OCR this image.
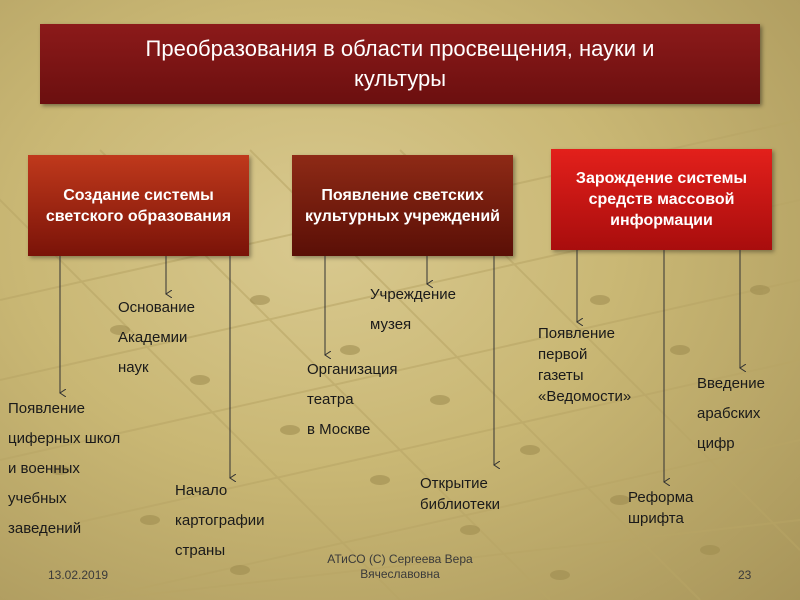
Преобразования в области просвещения, науки и культуры
Создание системы светского образования
Появление светских культурных учреждений
Зарождение системы средств массовой информации
Появление
циферных школ
и военных
учебных
заведений
Основание
Академии
наук
Начало
картографии
страны
Учреждение
музея
Организация
театра
в Москве
Открытие
библиотеки
Появление
первой
газеты
«Ведомости»
Введение
арабских
цифр
Реформа
шрифта
13.02.2019
АТиСО (С) Сергеева Вера Вячеславовна	23
